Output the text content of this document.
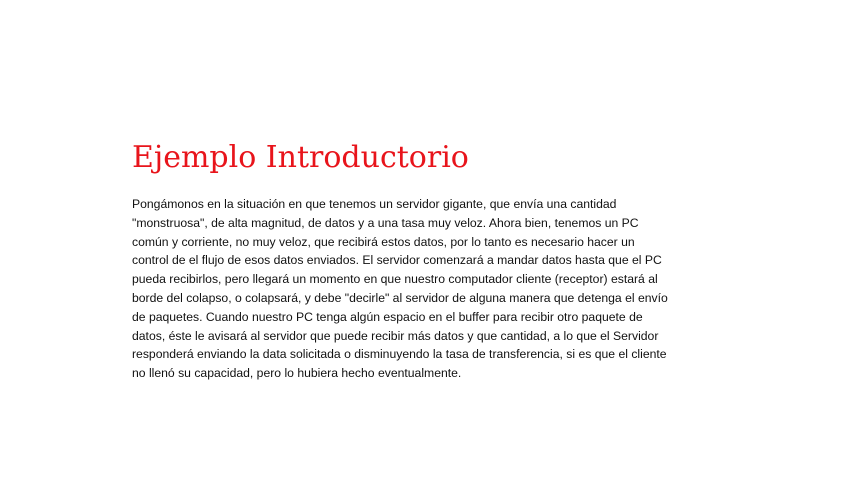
Ejemplo Introductorio

Pongámonos en la situación en que tenemos un servidor gigante, que envía una cantidad
"monstruosa", de alta magnitud, de datos y a una tasa muy veloz. Ahora bien, tenemos un PC
común y corriente, no muy veloz, que recibirá estos datos, por lo tanto es necesario hacer un
control de el flujo de esos datos enviados. El servidor comenzará a mandar datos hasta que el PC
pueda recibirlos, pero llegará un momento en que nuestro computador cliente (receptor) estará al
borde del colapso, o colapsará, y debe "decirle" al servidor de alguna manera que detenga el envío
de paquetes. Cuando nuestro PC tenga algún espacio en el buffer para recibir otro paquete de
datos, éste le avisará al servidor que puede recibir más datos y que cantidad, a lo que el Servidor
responderá enviando la data solicitada o disminuyendo la tasa de transferencia, si es que el cliente
no llenó su capacidad, pero lo hubiera hecho eventualmente.
